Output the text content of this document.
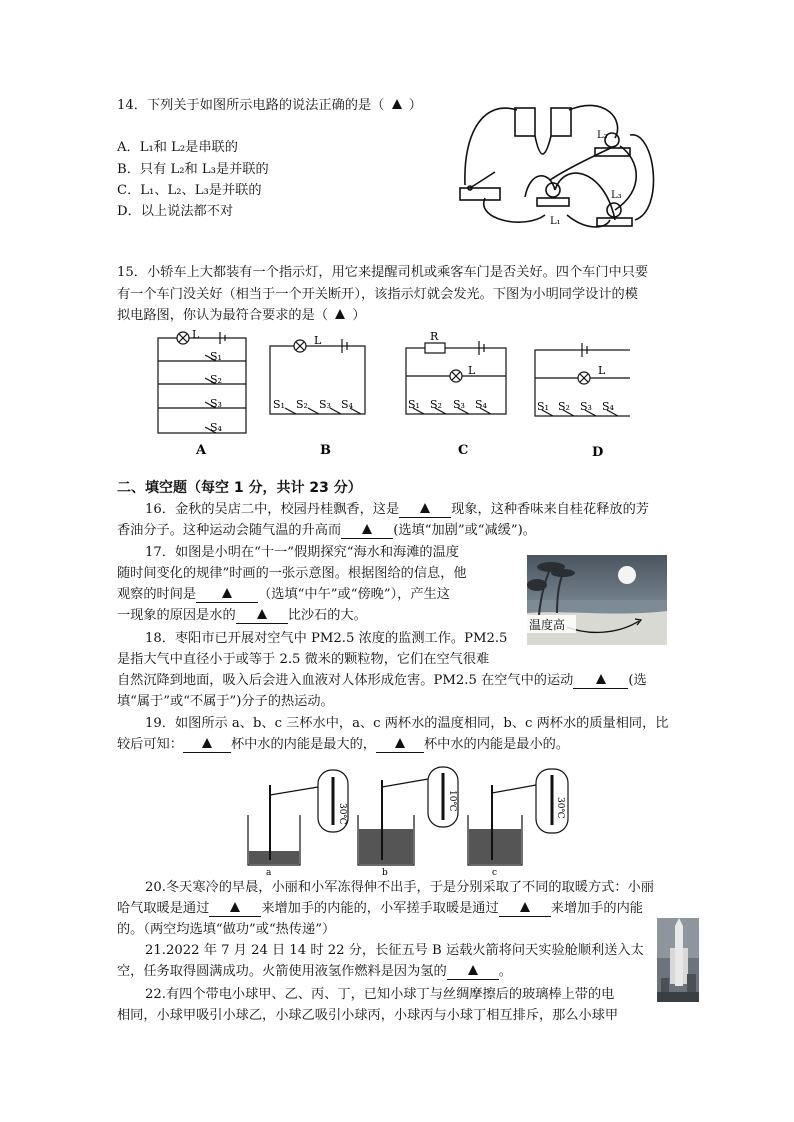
14．下列关于如图所示电路的说法正确的是（ ）
A．L₁和 L₂是串联的
B．只有 L₂和 L₃是并联的
C．L₁、L₂、L₃是并联的
D．以上说法都不对
L₂
L₃
L₁
15．小轿车上大都装有一个指示灯，用它来提醒司机或乘客车门是否关好。四个车门中只要
有一个车门没关好（相当于一个开关断开），该指示灯就会发光。下图为小明同学设计的模
拟电路图，你认为最符合要求的是（ ）
L
S₁
S₂
S₃
S₄
L
S₁ S₂ S₃ S₄
R
L
S₁ S₂ S₃ S₄
L
S₁ S₂ S₃ S₄
A	B	C	D
二、填空题（每空 1 分，共计 23 分）
16．金秋的吴店二中，校园丹桂飘香，这是	现象，这种香味来自桂花释放的芳
香油分子。这种运动会随气温的升高而	(选填“加剧”或“减缓”)。
17．如图是小明在“十一”假期探究“海水和海滩的温度
随时间变化的规律”时画的一张示意图。根据图给的信息，他
观察的时间是	（选填“中午”或“傍晚”），产生这
一现象的原因是水的	比沙石的大。
温度高
18．枣阳市已开展对空气中 PM2.5 浓度的监测工作。PM2.5
是指大气中直径小于或等于 2.5 微米的颗粒物，它们在空气很难
自然沉降到地面，吸入后会进入血液对人体形成危害。PM2.5 在空气中的运动	(选
填“属于”或“不属于”)分子的热运动。
19．如图所示 a、b、c 三杯水中，a、c 两杯水的温度相同，b、c 两杯水的质量相同，比
较后可知：	杯中水的内能是最大的，	杯中水的内能是最小的。
30℃
10℃	30℃
a	b	c
20.冬天寒冷的早晨，小丽和小军冻得伸不出手，于是分别采取了不同的取暖方式：小丽
哈气取暖是通过	来增加手的内能的，小军搓手取暖是通过	来增加手的内能
的。（两空均选填“做功”或“热传递”）
21.2022 年 7 月 24 日 14 时 22 分，长征五号 B 运载火箭将问天实验舱顺利送入太
空，任务取得圆满成功。火箭使用液氢作燃料是因为氢的	。
22.有四个带电小球甲、乙、丙、丁，已知小球丁与丝绸摩擦后的玻璃棒上带的电
相同，小球甲吸引小球乙，小球乙吸引小球丙，小球丙与小球丁相互排斥，那么小球甲
